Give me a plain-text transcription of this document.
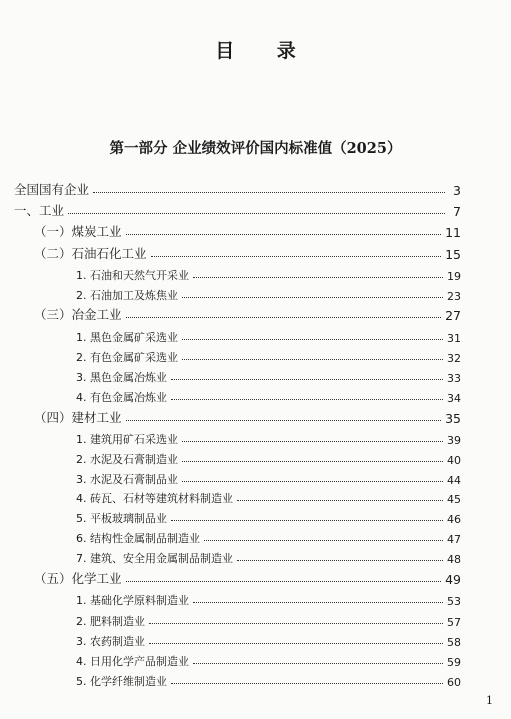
目 录
第一部分 企业绩效评价国内标准值（2025）
全国国有企业	3
一、工业	7
（一）煤炭工业	11
（二）石油石化工业	15
1. 石油和天然气开采业	19
2. 石油加工及炼焦业	23
（三）冶金工业	27
1. 黑色金属矿采选业	31
2. 有色金属矿采选业	32
3. 黑色金属冶炼业	33
4. 有色金属冶炼业	34
（四）建材工业	35
1. 建筑用矿石采选业	39
2. 水泥及石膏制造业	40
3. 水泥及石膏制品业	44
4. 砖瓦、石材等建筑材料制造业	45
5. 平板玻璃制品业	46
6. 结构性金属制品制造业	47
7. 建筑、安全用金属制品制造业	48
（五）化学工业	49
1. 基础化学原料制造业	53
2. 肥料制造业	57
3. 农药制造业	58
4. 日用化学产品制造业	59
5. 化学纤维制造业	60
1
